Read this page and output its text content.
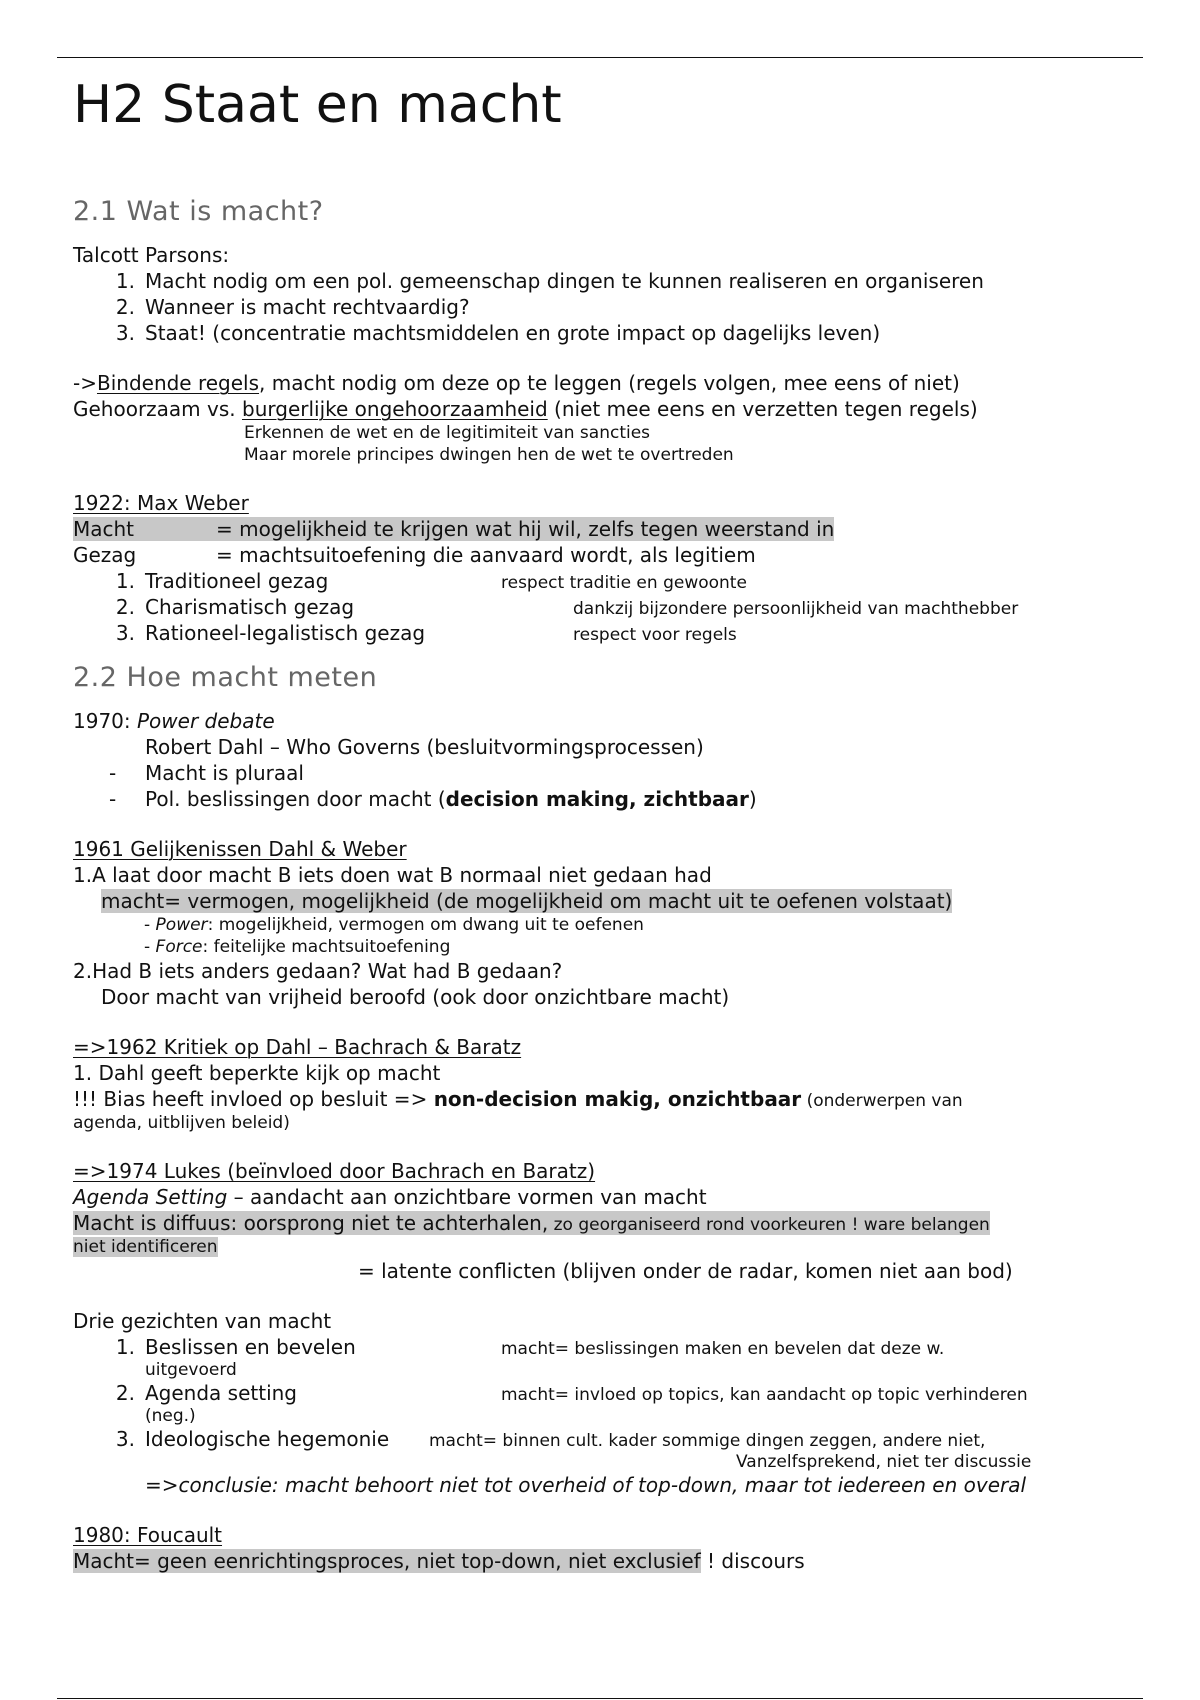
H2 Staat en macht
2.1 Wat is macht?
Talcott Parsons:
1. Macht nodig om een pol. gemeenschap dingen te kunnen realiseren en organiseren
2. Wanneer is macht rechtvaardig?
3. Staat! (concentratie machtsmiddelen en grote impact op dagelijks leven)
->Bindende regels, macht nodig om deze op te leggen (regels volgen, mee eens of niet)
Gehoorzaam vs. burgerlijke ongehoorzaamheid (niet mee eens en verzetten tegen regels)
Erkennen de wet en de legitimiteit van sancties
Maar morele principes dwingen hen de wet te overtreden
1922: Max Weber
Macht	= mogelijkheid te krijgen wat hij wil, zelfs tegen weerstand in
Gezag	= machtsuitoefening die aanvaard wordt, als legitiem
1. Traditioneel gezag	respect traditie en gewoonte
2. Charismatisch gezag	dankzij bijzondere persoonlijkheid van machthebber
3. Rationeel-legalistisch gezag	respect voor regels
2.2 Hoe macht meten
1970: Power debate
Robert Dahl – Who Governs (besluitvormingsprocessen)
- Macht is pluraal
- Pol. beslissingen door macht (decision making, zichtbaar)
1961 Gelijkenissen Dahl & Weber
1.A laat door macht B iets doen wat B normaal niet gedaan had
macht= vermogen, mogelijkheid (de mogelijkheid om macht uit te oefenen volstaat)
- Power: mogelijkheid, vermogen om dwang uit te oefenen
- Force: feitelijke machtsuitoefening
2.Had B iets anders gedaan? Wat had B gedaan?
Door macht van vrijheid beroofd (ook door onzichtbare macht)
=>1962 Kritiek op Dahl – Bachrach & Baratz
1. Dahl geeft beperkte kijk op macht
!!! Bias heeft invloed op besluit => non-decision makig, onzichtbaar (onderwerpen van
agenda, uitblijven beleid)
=>1974 Lukes (beïnvloed door Bachrach en Baratz)
Agenda Setting – aandacht aan onzichtbare vormen van macht
Macht is diffuus: oorsprong niet te achterhalen, zo georganiseerd rond voorkeuren ! ware belangen
niet identificeren
= latente conflicten (blijven onder de radar, komen niet aan bod)
Drie gezichten van macht
1. Beslissen en bevelen	macht= beslissingen maken en bevelen dat deze w.
uitgevoerd
2. Agenda setting	macht= invloed op topics, kan aandacht op topic verhinderen
(neg.)
3. Ideologische hegemonie macht= binnen cult. kader sommige dingen zeggen, andere niet,
Vanzelfsprekend, niet ter discussie
=>conclusie: macht behoort niet tot overheid of top-down, maar tot iedereen en overal
1980: Foucault
Macht= geen eenrichtingsproces, niet top-down, niet exclusief ! discours
